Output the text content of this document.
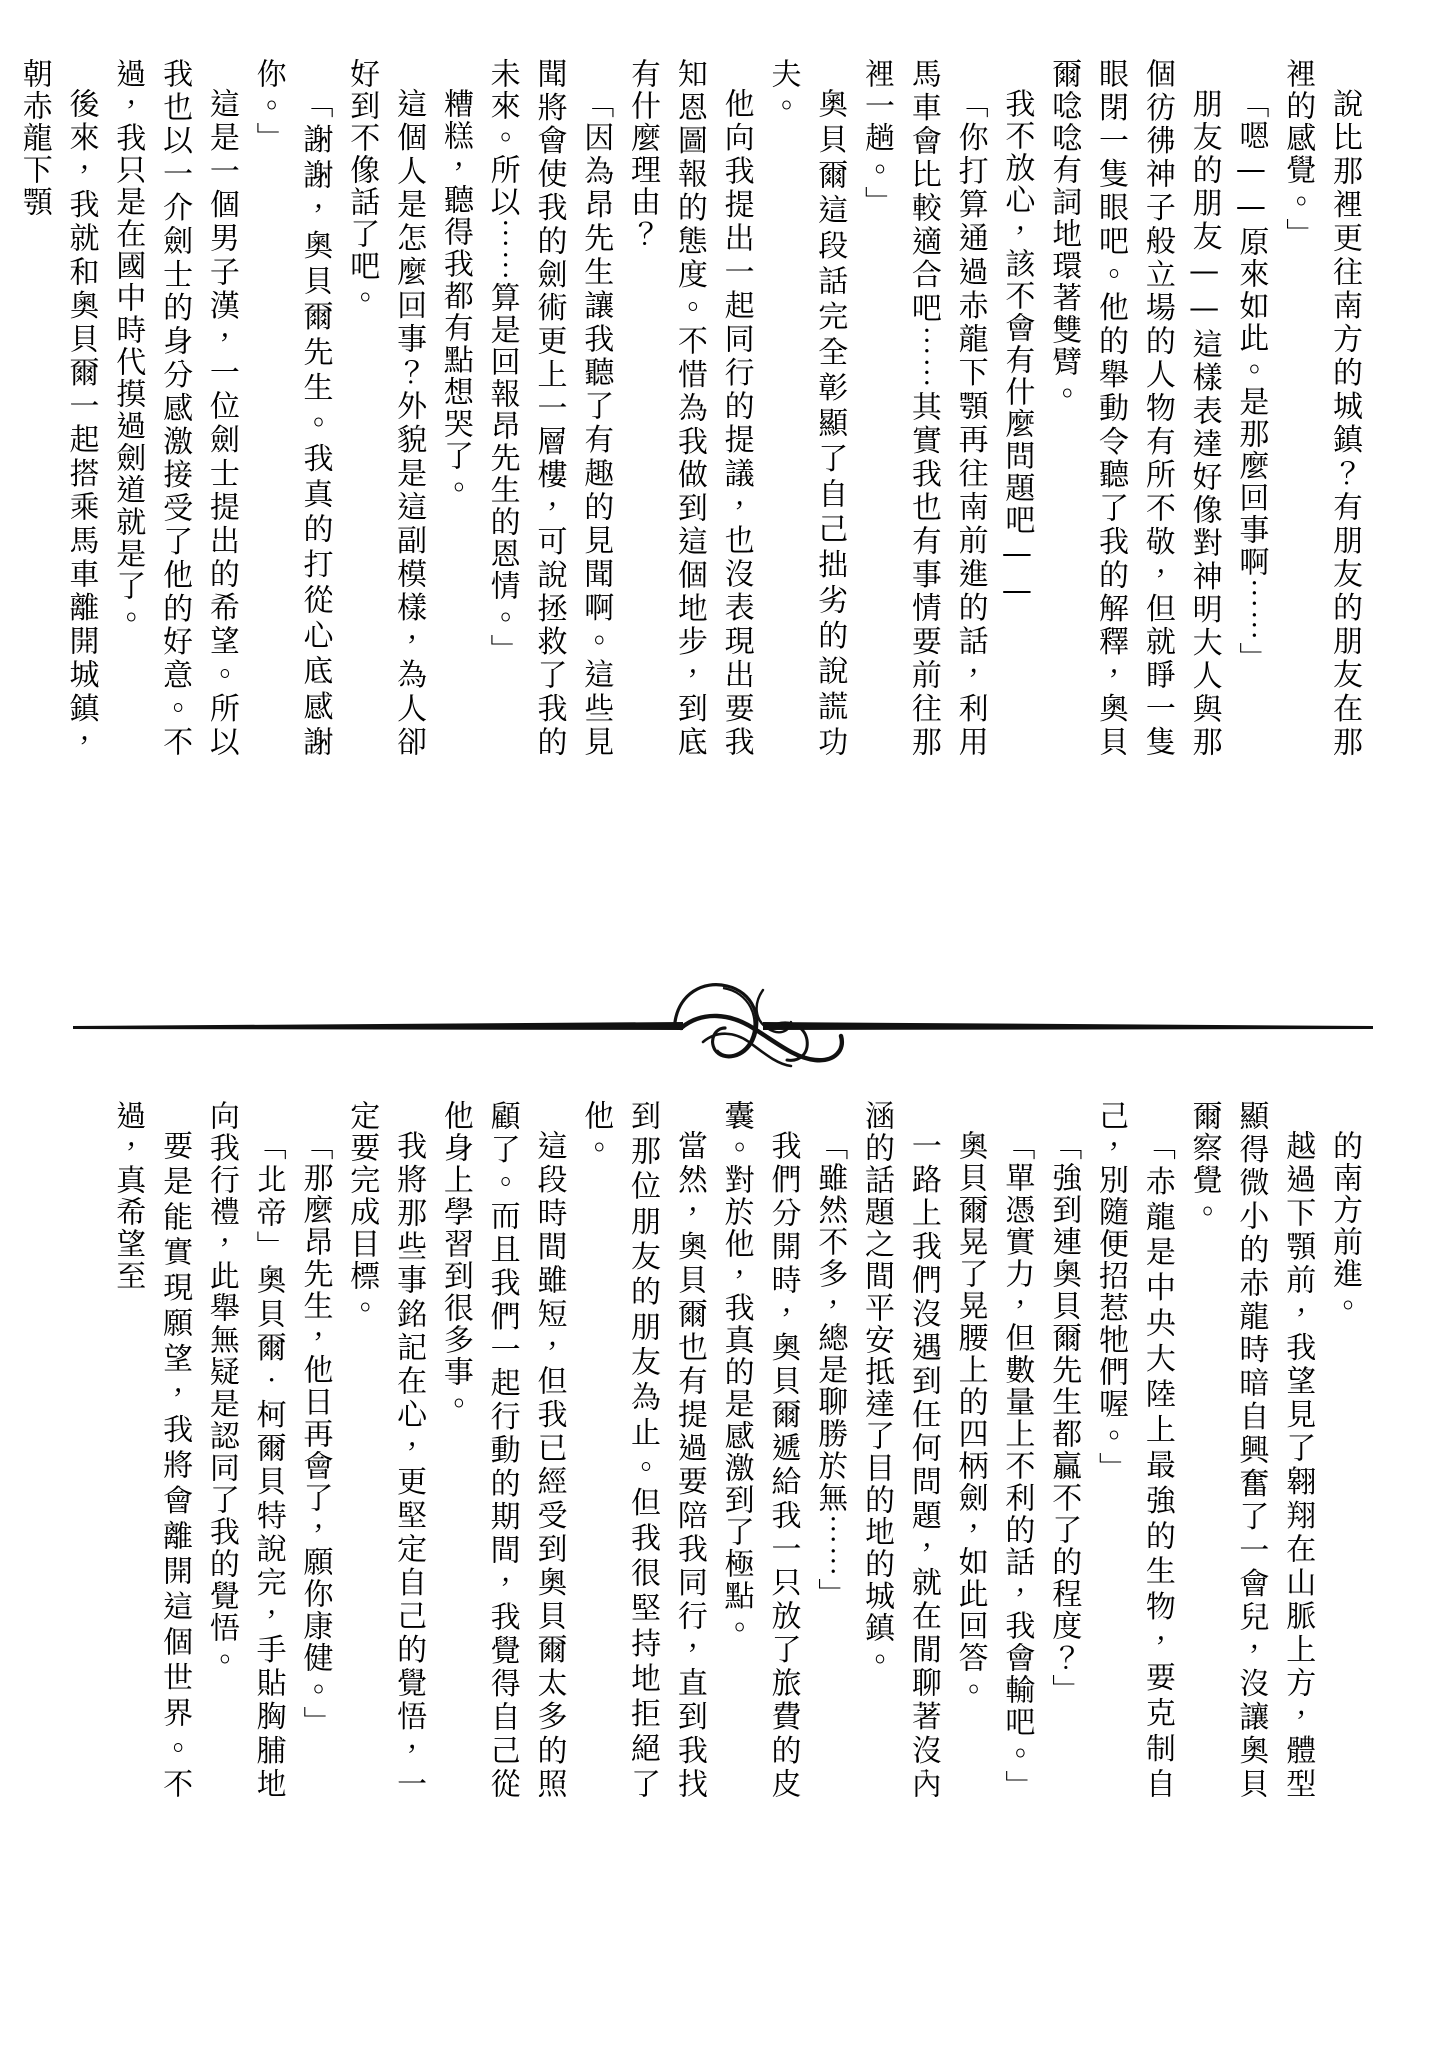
說比那裡更往南方的城鎮？有朋友的朋友在那裡的感覺。」

「嗯——原來如此。是那麼回事啊⋯⋯」

朋友的朋友——這樣表達好像對神明大人與那個彷彿神子般立場的人物有所不敬，但就睜一隻眼閉一隻眼吧。他的舉動令聽了我的解釋，奧貝爾唸唸有詞地環著雙臂。

我不放心，該不會有什麼問題吧——

「你打算通過赤龍下顎再往南前進的話，利用馬車會比較適合吧⋯⋯其實我也有事情要前往那裡一趟。」

奧貝爾這段話完全彰顯了自己拙劣的說謊功夫。

他向我提出一起同行的提議，也沒表現出要我知恩圖報的態度。不惜為我做到這個地步，到底有什麼理由？

「因為昂先生讓我聽了有趣的見聞啊。這些見聞將會使我的劍術更上一層樓，可說拯救了我的未來。所以⋯⋯算是回報昂先生的恩情。」

糟糕，聽得我都有點想哭了。

這個人是怎麼回事？外貌是這副模樣，為人卻好到不像話了吧。

「謝謝，奧貝爾先生。我真的打從心底感謝你。」

這是一個男子漢，一位劍士提出的希望。所以我也以一介劍士的身分感激接受了他的好意。不過，我只是在國中時代摸過劍道就是了。

後來，我就和奧貝爾一起搭乘馬車離開城鎮，朝赤龍下顎

的南方前進。

越過下顎前，我望見了翱翔在山脈上方，體型顯得微小的赤龍時暗自興奮了一會兒，沒讓奧貝爾察覺。

「赤龍是中央大陸上最強的生物，要克制自己，別隨便招惹牠們喔。」

「強到連奧貝爾先生都贏不了的程度？」

「單憑實力，但數量上不利的話，我會輸吧。」

奧貝爾晃了晃腰上的四柄劍，如此回答。

一路上我們沒遇到任何問題，就在閒聊著沒內涵的話題之間平安抵達了目的地的城鎮。

「雖然不多，總是聊勝於無⋯⋯」

我們分開時，奧貝爾遞給我一只放了旅費的皮囊。對於他，我真的是感激到了極點。

當然，奧貝爾也有提過要陪我同行，直到我找到那位朋友的朋友為止。但我很堅持地拒絕了他。

這段時間雖短，但我已經受到奧貝爾太多的照顧了。而且我們一起行動的期間，我覺得自己從他身上學習到很多事。

我將那些事銘記在心，更堅定自己的覺悟，一定要完成目標。

「那麼昂先生，他日再會了，願你康健。」

「北帝」奧貝爾‧柯爾貝特說完，手貼胸脯地向我行禮，此舉無疑是認同了我的覺悟。

要是能實現願望，我將會離開這個世界。不過，真希望至
